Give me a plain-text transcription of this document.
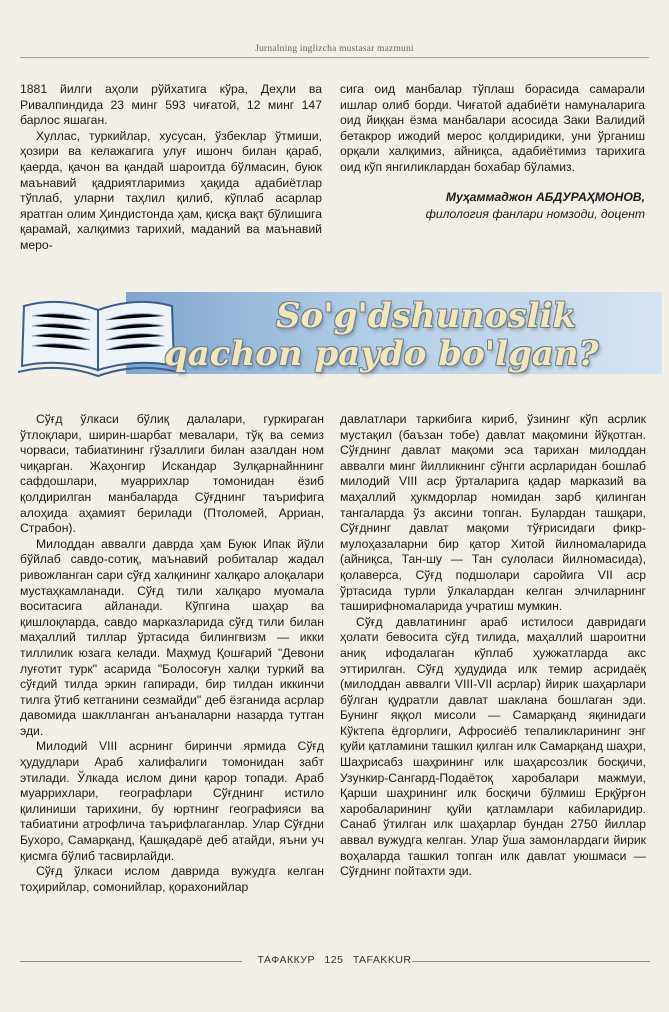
Jurnalning inglizcha mustasar mazmuni

1881 йилги аҳоли рўйхатига кўра, Деҳли ва Ривалпиндида 23 минг 593 чиғатой, 12 минг 147 барлос яшаган.

Хуллас, туркийлар, хусусан, ўзбеклар ўтмиши, ҳозири ва келажагига улуғ ишонч билан қараб, қаерда, қачон ва қандай шароитда бўлмасин, буюк маънавий қадриятларимиз ҳақида адабиётлар тўплаб, уларни таҳлил қилиб, кўплаб асарлар яратган олим Ҳиндистонда ҳам, қисқа вақт бўлишига қарамай, халқимиз тарихий, маданий ва маънавий меро-

сига оид манбалар тўплаш борасида самарали ишлар олиб борди. Чиғатой адабиёти намуналарига оид йиққан ёзма манбалари асосида Заки Валидий бетакрор ижодий мерос қолдиридики, уни ўрганиш орқали халқимиз, айниқса, адабиётимиз тарихига оид кўп янгиликлардан бохабар бўламиз.

Муҳаммаджон АБДУРАҲМОНОВ,
филология фанлари номзоди, доцент
So'g'dshunoslik
qachon paydo bo'lgan?

Сўғд ўлкаси бўлиқ далалари, гуркираган ўтлоқлари, ширин-шарбат мевалари, тўқ ва семиз чорваси, табиатининг гўзаллиги билан азалдан ном чиқарган. Жаҳонгир Искандар Зулқарнайннинг сафдошлари, муаррихлар томонидан ёзиб қолдирилган манбаларда Сўғднинг таърифига алоҳида аҳамият берилади (Птоломей, Арриан, Страбон).

Милоддан аввалги даврда ҳам Буюк Ипак йўли бўйлаб савдо-сотиқ, маънавий робиталар жадал ривожланган сари сўғд халқининг халқаро алоқалари мустаҳкамланади. Сўғд тили халқаро муомала воситасига айланади. Кўпгина шаҳар ва қишлоқларда, савдо марказларида сўғд тили билан маҳаллий тиллар ўртасида билингвизм — икки тиллилик юзага келади. Маҳмуд Қошғарий "Девони луғотит турк" асарида "Болосоғун халқи туркий ва сўғдий тилда эркин гапиради, бир тилдан иккинчи тилга ўтиб кетганини сезмайди" деб ёзганида асрлар давомида шаклланган анъаналарни назарда тутган эди.

Милодий VIII асрнинг биринчи ярмида Сўғд ҳудудлари Араб халифалиги томонидан забт этилади. Ўлкада ислом дини қарор топади. Араб муаррихлари, географлари Сўғднинг истило қилиниши тарихини, бу юртнинг географияси ва табиатини атрофлича таърифлаганлар. Улар Сўғдни Бухоро, Самарқанд, Қашқадарё деб атайди, яъни уч қисмга бўлиб тасвирлайди.

Сўғд ўлкаси ислом даврида вужудга келган тоҳирийлар, сомонийлар, қорахонийлар

давлатлари таркибига кириб, ўзининг кўп асрлик мустақил (баъзан тобе) давлат мақомини йўқотган. Сўғднинг давлат мақоми эса тарихан милоддан аввалги минг йилликнинг сўнгги асрларидан бошлаб милодий VIII аср ўрталарига қадар марказий ва маҳаллий ҳукмдорлар номидан зарб қилинган тангаларда ўз аксини топган. Булардан ташқари, Сўғднинг давлат мақоми тўғрисидаги фикр-мулоҳазаларни бир қатор Хитой йилномаларида (айниқса, Тан-шу — Тан сулоласи йилномасида), қолаверса, Сўғд подшолари саройига VII аср ўртасида турли ўлкалардан келган элчиларнинг таширифномаларида учратиш мумкин.

Сўғд давлатининг араб истилоси давридаги ҳолати бевосита сўғд тилида, маҳаллий шароитни аниқ ифодалаган кўплаб ҳужжатларда акс эттирилган. Сўғд ҳудудида илк темир асридаёқ (милоддан аввалги VIII-VII асрлар) йирик шаҳарлари бўлган қудратли давлат шаклана бошлаган эди. Бунинг яққол мисоли — Самарқанд яқинидаги Кўктепа ёдгорлиги, Афросиёб тепаликларининг энг қуйи қатламини ташкил қилган илк Самарқанд шаҳри, Шаҳрисабз шаҳрининг илк шаҳарсозлик босқичи, Узункир-Сангард-Подаётоқ харобалари мажмуи, Қарши шаҳрининг илк босқичи бўлмиш Ерқўрғон харобаларининг қуйи қатламлари кабиларидир. Санаб ўтилган илк шаҳарлар бундан 2750 йиллар аввал вужудга келган. Улар ўша замонлардаги йирик воҳаларда ташкил топган илк давлат уюшмаси — Сўғднинг пойтахти эди.

ТАФАККУР 125 TAFAKKUR
